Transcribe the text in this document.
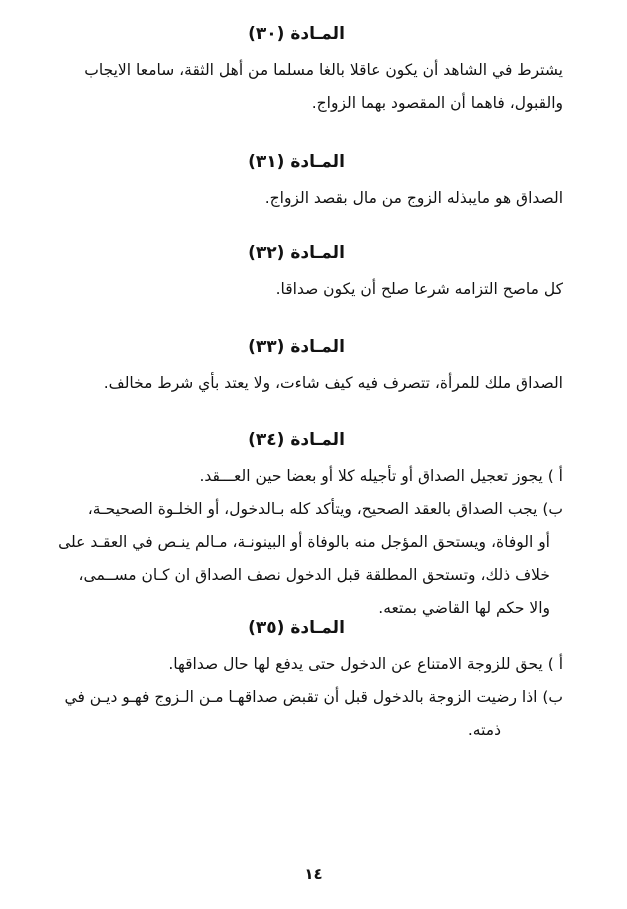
المـادة (٣٠)
يشترط في الشاهد أن يكون عاقلا بالغا مسلما من أهل الثقة، سامعا الايجاب
والقبول، فاهما أن المقصود بهما الزواج.
المـادة (٣١)
الصداق هو مايبذله الزوج من مال بقصد الزواج.
المـادة (٣٢)
كل ماصح التزامه شرعا صلح أن يكون صداقا.
المـادة (٣٣)
الصداق ملك للمرأة، تتصرف فيه كيف شاءت، ولا يعتد بأي شرط مخالف.
المـادة (٣٤)
أ ) يجوز تعجيل الصداق أو تأجيله كلا أو بعضا حين العـــقد.
ب) يجب الصداق بالعقد الصحيح، ويتأكد كله بـالدخول، أو الخلـوة الصحيحـة،
أو الوفاة، ويستحق المؤجل منه بالوفاة أو البينونـة، مـالم ينـص في العقـد على
خلاف ذلك، وتستحق المطلقة قبل الدخول نصف الصداق ان كـان مســمى،
والا حكم لها القاضي بمتعه.
المـادة (٣٥)
أ ) يحق للزوجة الامتناع عن الدخول حتى يدفع لها حال صداقها.
ب) اذا رضيت الزوجة بالدخول قبل أن تقبض صداقهـا مـن الـزوج فهـو ديـن في
ذمته.
١٤
